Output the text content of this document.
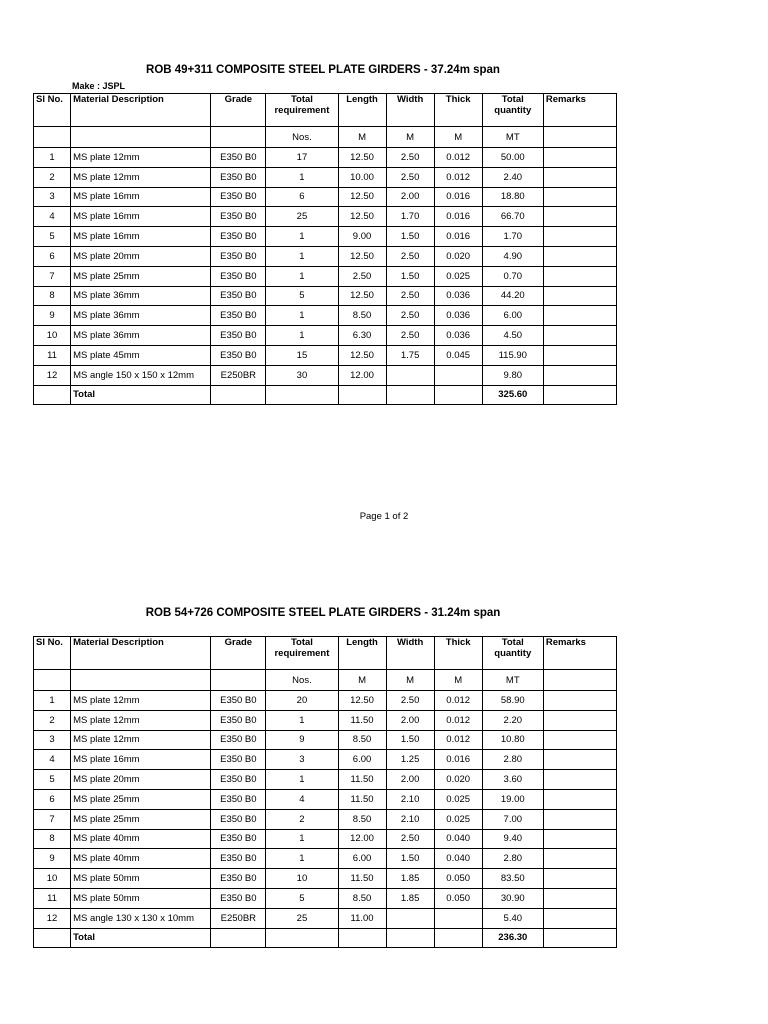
ROB 49+311 COMPOSITE STEEL PLATE GIRDERS - 37.24m span
Make : JSPL
Sl No.	Material Description	Grade	Total requirement	Length	Width	Thick	Total quantity	Remarks
			Nos.	M	M	M	MT	
1	MS plate 12mm	E350 B0	17	12.50	2.50	0.012	50.00	
2	MS plate 12mm	E350 B0	1	10.00	2.50	0.012	2.40	
3	MS plate 16mm	E350 B0	6	12.50	2.00	0.016	18.80	
4	MS plate 16mm	E350 B0	25	12.50	1.70	0.016	66.70	
5	MS plate 16mm	E350 B0	1	9.00	1.50	0.016	1.70	
6	MS plate 20mm	E350 B0	1	12.50	2.50	0.020	4.90	
7	MS plate 25mm	E350 B0	1	2.50	1.50	0.025	0.70	
8	MS plate 36mm	E350 B0	5	12.50	2.50	0.036	44.20	
9	MS plate 36mm	E350 B0	1	8.50	2.50	0.036	6.00	
10	MS plate 36mm	E350 B0	1	6.30	2.50	0.036	4.50	
11	MS plate 45mm	E350 B0	15	12.50	1.75	0.045	115.90	
12	MS angle 150 x 150 x 12mm	E250BR	30	12.00			9.80	
	Total						325.60	
Page 1 of 2
ROB 54+726 COMPOSITE STEEL PLATE GIRDERS - 31.24m span
Sl No.	Material Description	Grade	Total requirement	Length	Width	Thick	Total quantity	Remarks
			Nos.	M	M	M	MT	
1	MS plate 12mm	E350 B0	20	12.50	2.50	0.012	58.90	
2	MS plate 12mm	E350 B0	1	11.50	2.00	0.012	2.20	
3	MS plate 12mm	E350 B0	9	8.50	1.50	0.012	10.80	
4	MS plate 16mm	E350 B0	3	6.00	1.25	0.016	2.80	
5	MS plate 20mm	E350 B0	1	11.50	2.00	0.020	3.60	
6	MS plate 25mm	E350 B0	4	11.50	2.10	0.025	19.00	
7	MS plate 25mm	E350 B0	2	8.50	2.10	0.025	7.00	
8	MS plate 40mm	E350 B0	1	12.00	2.50	0.040	9.40	
9	MS plate 40mm	E350 B0	1	6.00	1.50	0.040	2.80	
10	MS plate 50mm	E350 B0	10	11.50	1.85	0.050	83.50	
11	MS plate 50mm	E350 B0	5	8.50	1.85	0.050	30.90	
12	MS angle 130 x 130 x 10mm	E250BR	25	11.00			5.40	
	Total						236.30	
